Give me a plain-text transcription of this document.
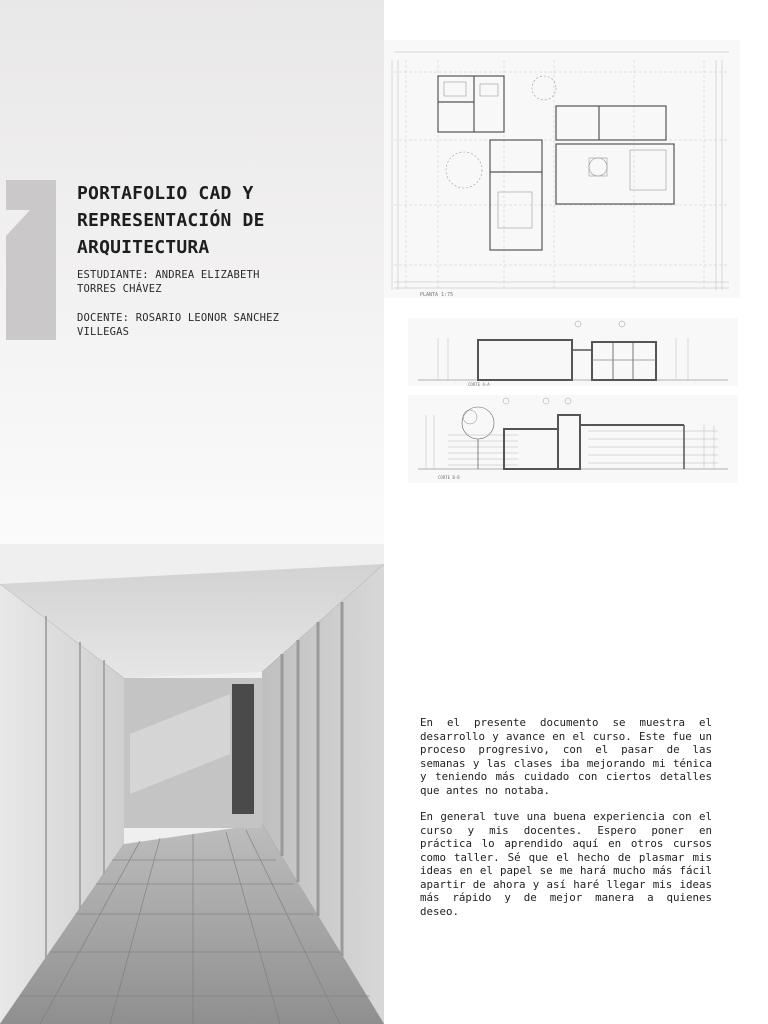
PORTAFOLIO CAD Y
REPRESENTACIÓN DE
ARQUITECTURA
ESTUDIANTE: ANDREA ELIZABETH
TORRES CHÁVEZ
DOCENTE: ROSARIO LEONOR SANCHEZ
VILLEGAS
PLANTA 1:75
CORTE A-A
CORTE B-B

En el presente documento se muestra el desarrollo y avance en el curso. Este fue un proceso progresivo, con el pasar de las semanas y las clases iba mejorando mi ténica y teniendo más cuidado con ciertos detalles que antes no notaba.

En general tuve una buena experiencia con el curso y mis docentes. Espero poner en práctica lo aprendido aquí en otros cursos como taller. Sé que el hecho de plasmar mis ideas en el papel se me hará mucho más fácil apartir de ahora y así haré llegar mis ideas más rápido y de mejor manera a quienes deseo.
